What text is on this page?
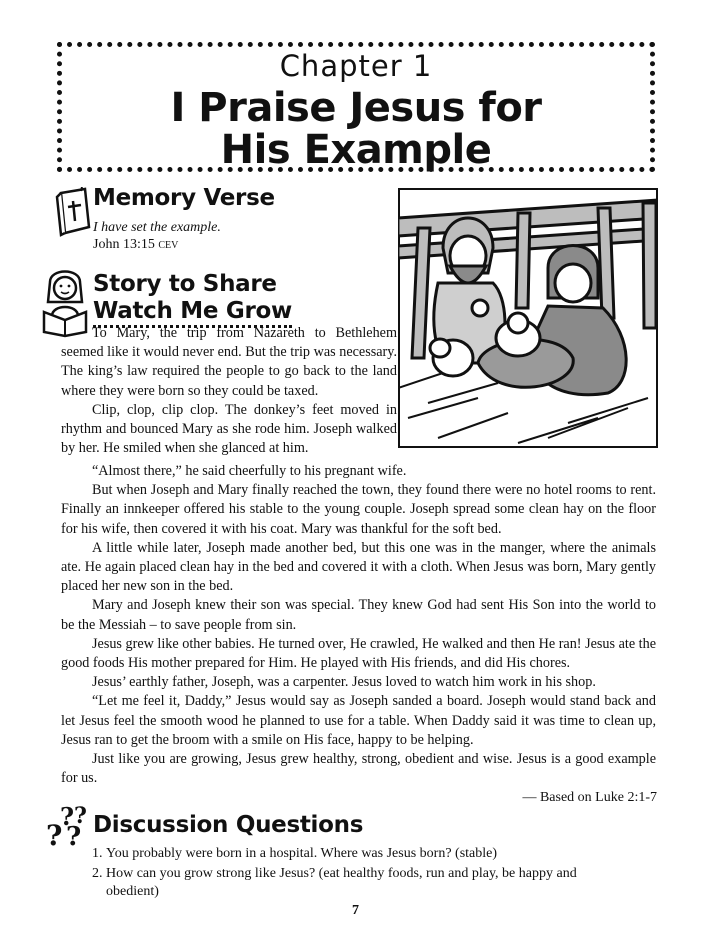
Chapter 1
I Praise Jesus for
His Example
Memory Verse
I have set the example.
John 13:15 CEV
Story to Share
Watch Me Grow

To Mary, the trip from Nazareth to Bethlehem seemed like it would never end. But the trip was necessary. The king’s law required the people to go back to the land where they were born so they could be taxed.

Clip, clop, clip clop. The donkey’s feet moved in rhythm and bounced Mary as she rode him. Joseph walked by her. He smiled when she glanced at him.

“Almost there,” he said cheerfully to his pregnant wife.

But when Joseph and Mary finally reached the town, they found there were no hotel rooms to rent. Finally an innkeeper offered his stable to the young couple. Joseph spread some clean hay on the floor for his wife, then covered it with his coat. Mary was thankful for the soft bed.

A little while later, Joseph made another bed, but this one was in the manger, where the animals ate. He again placed clean hay in the bed and covered it with a cloth. When Jesus was born, Mary gently placed her new son in the bed.

Mary and Joseph knew their son was special. They knew God had sent His Son into the world to be the Messiah – to save people from sin.

Jesus grew like other babies. He turned over, He crawled, He walked and then He ran! Jesus ate the good foods His mother prepared for Him. He played with His friends, and did His chores.

Jesus’ earthly father, Joseph, was a carpenter. Jesus loved to watch him work in his shop.

“Let me feel it, Daddy,” Jesus would say as Joseph sanded a board. Joseph would stand back and let Jesus feel the smooth wood he planned to use for a table. When Daddy said it was time to clean up, Jesus ran to get the broom with a smile on His face, happy to be helping.

Just like you are growing, Jesus grew healthy, strong, obedient and wise. Jesus is a good example for us.

— Based on Luke 2:1-7
? ?
? ? Discussion Questions
1. You probably were born in a hospital. Where was Jesus born? (stable)
2. How can you grow strong like Jesus? (eat healthy foods, run and play, be happy and obedient)
7
